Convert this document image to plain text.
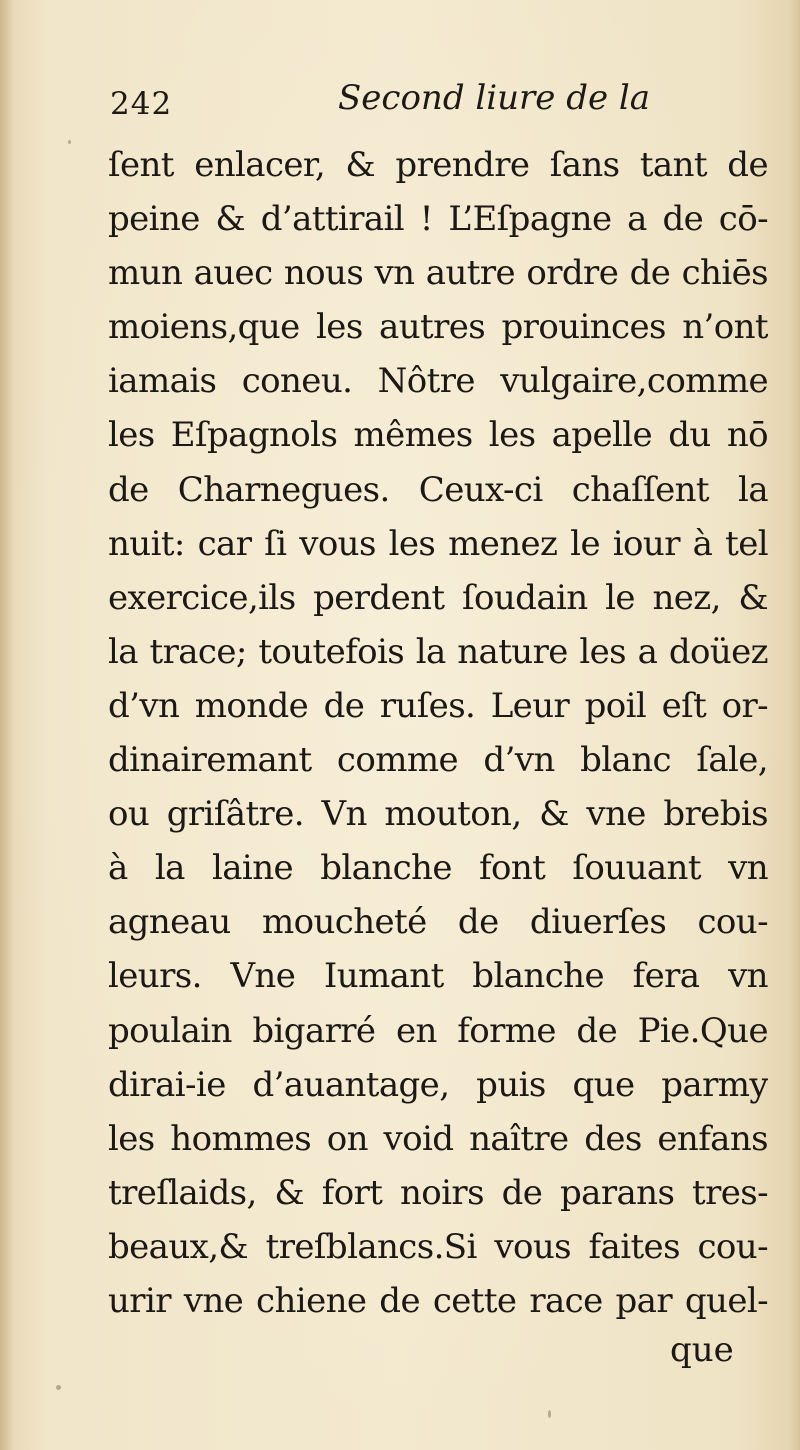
242	Second liure de la
ſent enlacer, & prendre ſans tant de
peine & d’attirail ! L’Eſpagne a de cō-
mun auec nous vn autre ordre de chiēs
moiens,que les autres prouinces n’ont
iamais coneu. Nôtre vulgaire,comme
les Eſpagnols mêmes les apelle du nō
de Charnegues. Ceux-ci chaſſent la
nuit: car ſi vous les menez le iour à tel
exercice,ils perdent ſoudain le nez, &
la trace; toutefois la nature les a doüez
d’vn monde de ruſes. Leur poil eſt or-
dinairemant comme d’vn blanc ſale,
ou griſâtre. Vn mouton, & vne brebis
à la laine blanche font ſouuant vn
agneau moucheté de diuerſes cou-
leurs. Vne Iumant blanche fera vn
poulain bigarré en forme de Pie.Que
dirai-ie d’auantage, puis que parmy
les hommes on void naître des enfans
treſlaids, & fort noirs de parans tres-
beaux,& treſblancs.Si vous faites cou-
urir vne chiene de cette race par quel-
que
